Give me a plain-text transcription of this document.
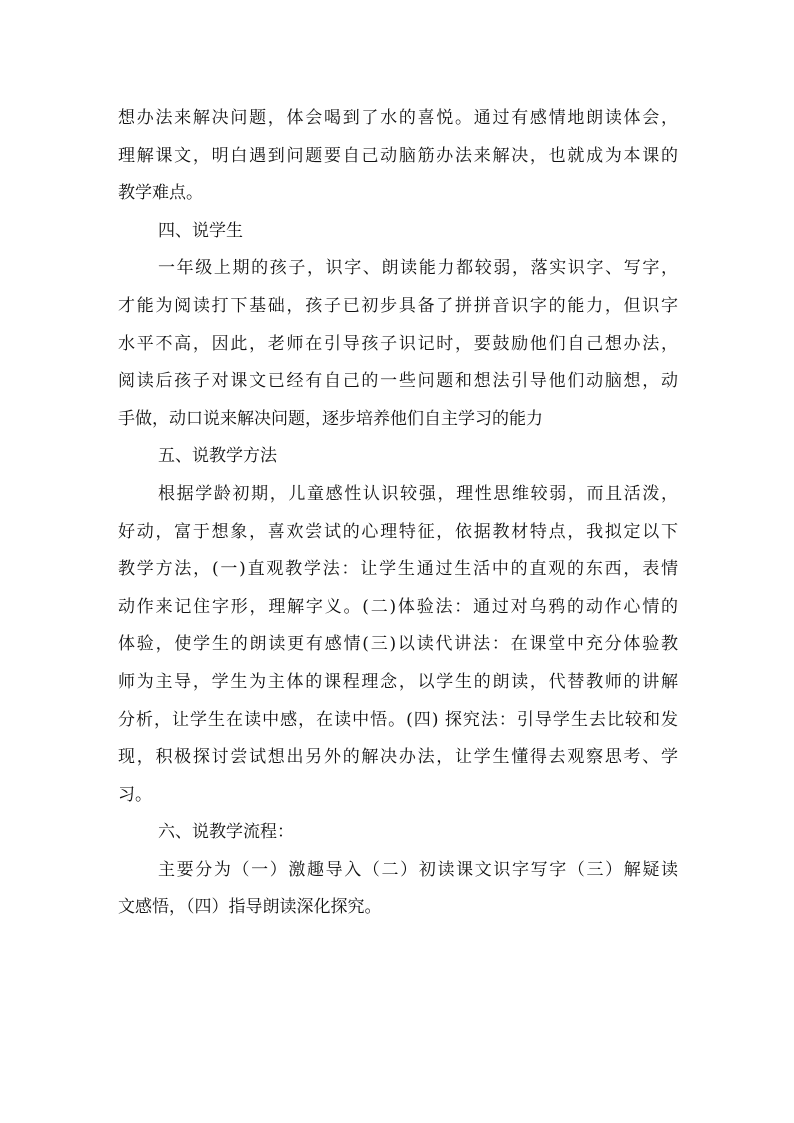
想办法来解决问题，体会喝到了水的喜悦。通过有感情地朗读体会，

理解课文，明白遇到问题要自己动脑筋办法来解决，也就成为本课的

教学难点。

四、说学生

一年级上期的孩子，识字、朗读能力都较弱，落实识字、写字，

才能为阅读打下基础，孩子已初步具备了拼拼音识字的能力，但识字

水平不高，因此，老师在引导孩子识记时，要鼓励他们自己想办法，

阅读后孩子对课文已经有自己的一些问题和想法引导他们动脑想，动

手做，动口说来解决问题，逐步培养他们自主学习的能力

五、说教学方法

根据学龄初期，儿童感性认识较强，理性思维较弱，而且活泼，

好动，富于想象，喜欢尝试的心理特征，依据教材特点，我拟定以下

教学方法，(一)直观教学法：让学生通过生活中的直观的东西，表情

动作来记住字形，理解字义。(二)体验法：通过对乌鸦的动作心情的

体验，使学生的朗读更有感情(三)以读代讲法：在课堂中充分体验教

师为主导，学生为主体的课程理念，以学生的朗读，代替教师的讲解

分析，让学生在读中感，在读中悟。(四) 探究法：引导学生去比较和发

现，积极探讨尝试想出另外的解决办法，让学生懂得去观察思考、学

习。

六、说教学流程：

主要分为（一）激趣导入（二）初读课文识字写字（三）解疑读

文感悟，（四）指导朗读深化探究。
